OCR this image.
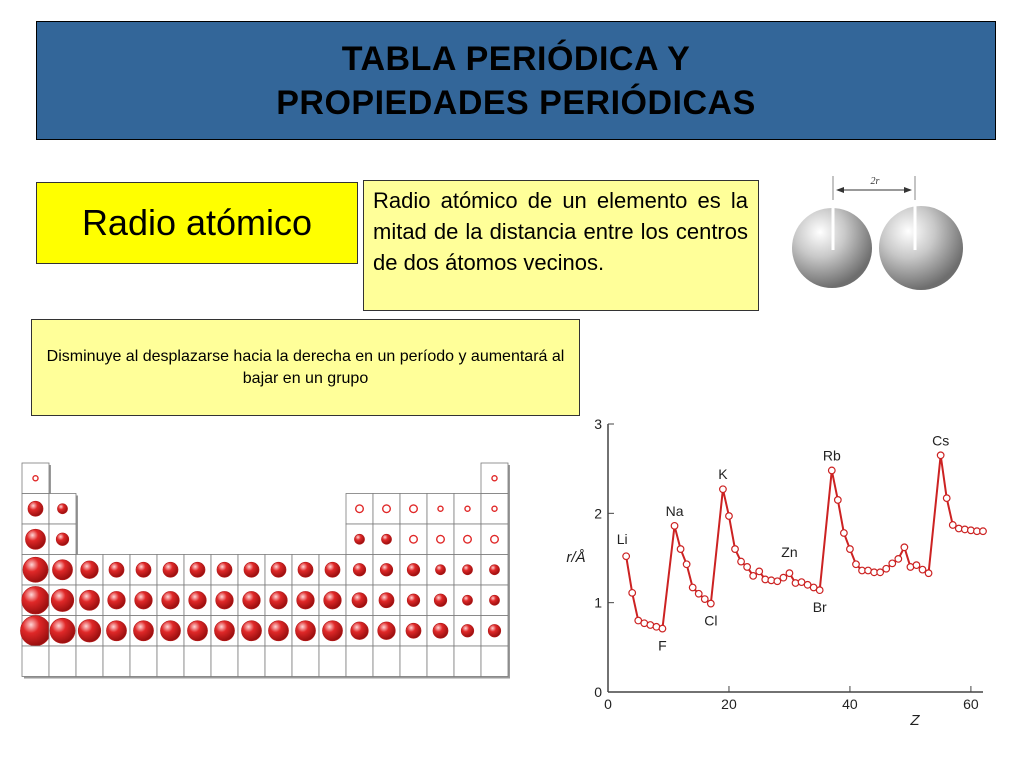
TABLA PERIÓDICA Y
PROPIEDADES PERIÓDICAS
Radio atómico
Radio atómico de un elemento es la mitad de la distancia entre los centros de dos átomos vecinos.
Disminuye al desplazarse hacia la derecha en un período y aumentará al bajar en un grupo
2r
r/Å
Z
0	20	40	60
0
1
2
3
Li
Na
K
Rb
Cs
F
Cl
Zn
Br
